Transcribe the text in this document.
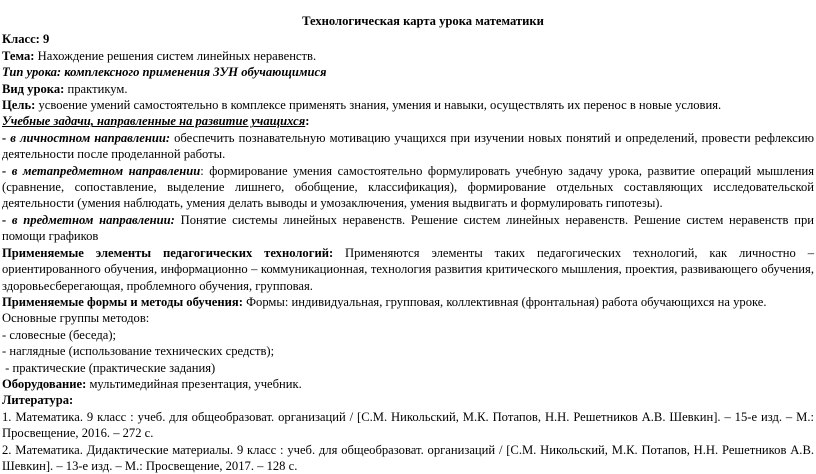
Технологическая карта урока математики
Класс: 9
Тема: Нахождение решения систем линейных неравенств.
Тип урока: комплексного применения ЗУН обучающимися
Вид урока: практикум.
Цель: усвоение умений самостоятельно в комплексе применять знания, умения и навыки, осуществлять их перенос в новые условия.
Учебные задачи, направленные на развитие учащихся:
- в личностном направлении: обеспечить познавательную мотивацию учащихся при изучении новых понятий и определений, провести рефлексию деятельности после проделанной работы.
- в метапредметном направлении: формирование умения самостоятельно формулировать учебную задачу урока, развитие операций мышления (сравнение, сопоставление, выделение лишнего, обобщение, классификация), формирование отдельных составляющих исследовательской деятельности (умения наблюдать, умения делать выводы и умозаключения, умения выдвигать и формулировать гипотезы).
- в предметном направлении: Понятие системы линейных неравенств. Решение систем линейных неравенств. Решение систем неравенств при помощи графиков
Применяемые элементы педагогических технологий: Применяются элементы таких педагогических технологий, как личностно – ориентированного обучения, информационно – коммуникационная, технология развития критического мышления, проектия, развивающего обучения, здоровьесберегающая, проблемного обучения, групповая.
Применяемые формы и методы обучения: Формы: индивидуальная, групповая, коллективная (фронтальная) работа обучающихся на уроке.
Основные группы методов:
- словесные (беседа);
- наглядные (использование технических средств);
- практические (практические задания)
Оборудование: мультимедийная презентация, учебник.
Литература:
1. Математика. 9 класс : учеб. для общеобразоват. организаций / [С.М. Никольский, М.К. Потапов, Н.Н. Решетников А.В. Шевкин]. – 15-е изд. – М.: Просвещение, 2016. – 272 с.
2. Математика. Дидактические материалы. 9 класс : учеб. для общеобразоват. организаций / [С.М. Никольский, М.К. Потапов, Н.Н. Решетников А.В. Шевкин]. – 13-е изд. – М.: Просвещение, 2017. – 128 с.
